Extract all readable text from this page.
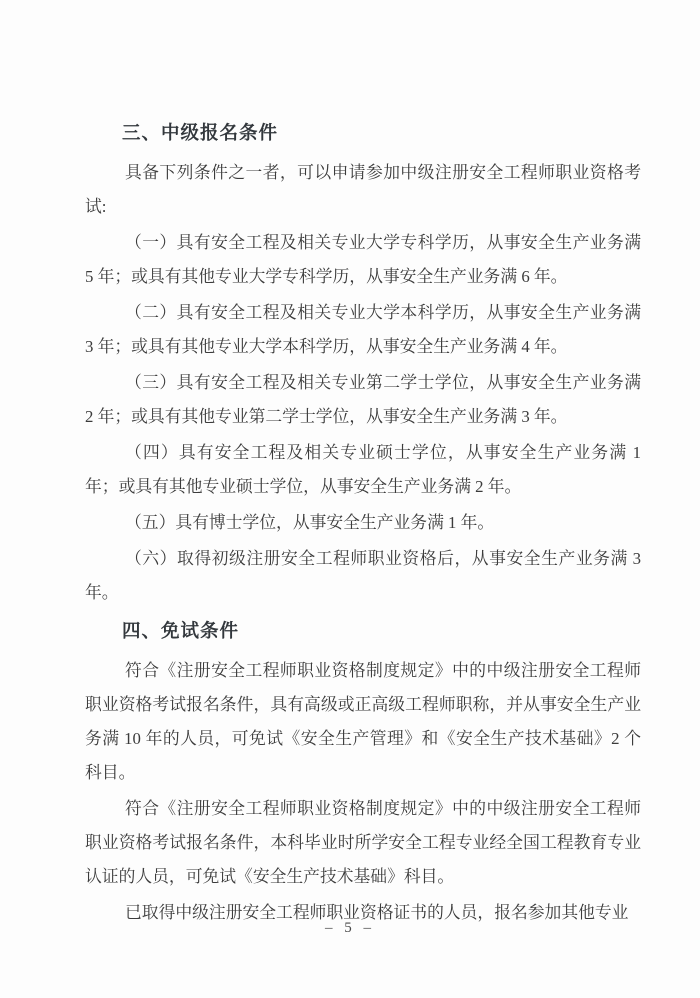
三、中级报名条件

具备下列条件之一者，可以申请参加中级注册安全工程师职业资格考试:

（一）具有安全工程及相关专业大学专科学历，从事安全生产业务满 5 年；或具有其他专业大学专科学历，从事安全生产业务满 6 年。

（二）具有安全工程及相关专业大学本科学历，从事安全生产业务满 3 年；或具有其他专业大学本科学历，从事安全生产业务满 4 年。

（三）具有安全工程及相关专业第二学士学位，从事安全生产业务满 2 年；或具有其他专业第二学士学位，从事安全生产业务满 3 年。

（四）具有安全工程及相关专业硕士学位，从事安全生产业务满 1 年；或具有其他专业硕士学位，从事安全生产业务满 2 年。

（五）具有博士学位，从事安全生产业务满 1 年。

（六）取得初级注册安全工程师职业资格后，从事安全生产业务满 3 年。

四、免试条件

符合《注册安全工程师职业资格制度规定》中的中级注册安全工程师职业资格考试报名条件，具有高级或正高级工程师职称，并从事安全生产业务满 10 年的人员，可免试《安全生产管理》和《安全生产技术基础》2 个科目。

符合《注册安全工程师职业资格制度规定》中的中级注册安全工程师职业资格考试报名条件，本科毕业时所学安全工程专业经全国工程教育专业认证的人员，可免试《安全生产技术基础》科目。

已取得中级注册安全工程师职业资格证书的人员，报名参加其他专业

– 5 –
